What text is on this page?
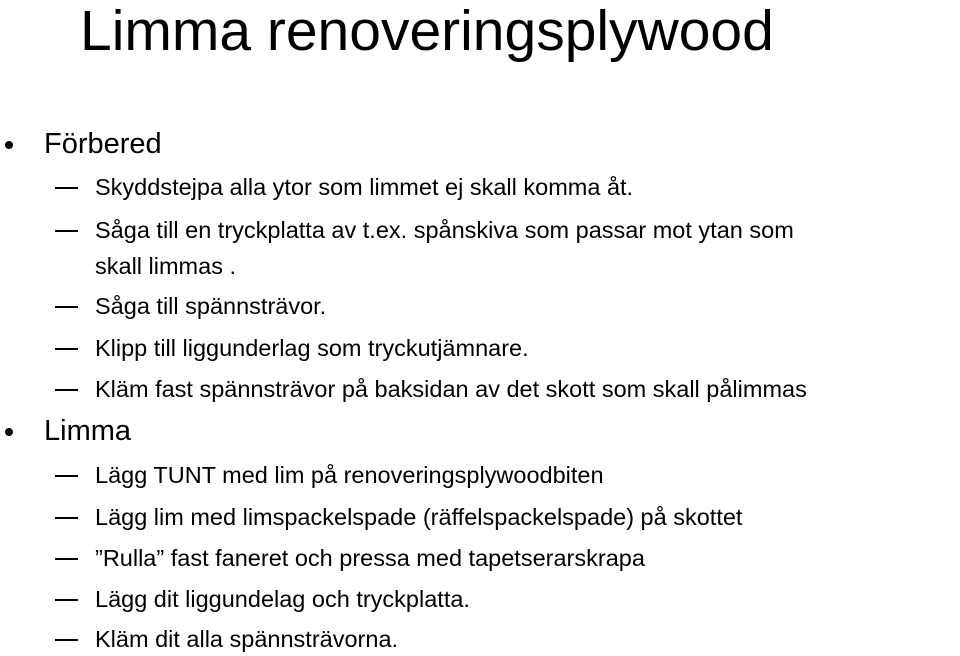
Limma renoveringsplywood
Förbered
Skyddstejpa alla ytor som limmet ej skall komma åt.
Såga till en tryckplatta av t.ex. spånskiva som passar mot ytan som
skall limmas .
Såga till spännsträvor.
Klipp till liggunderlag som tryckutjämnare.
Kläm fast spännsträvor på baksidan av det skott som skall pålimmas
Limma
Lägg TUNT med lim på renoveringsplywoodbiten
Lägg lim med limspackelspade (räffelspackelspade) på skottet
”Rulla” fast faneret och pressa med tapetserarskrapa
Lägg dit liggundelag och tryckplatta.
Kläm dit alla spännsträvorna.
